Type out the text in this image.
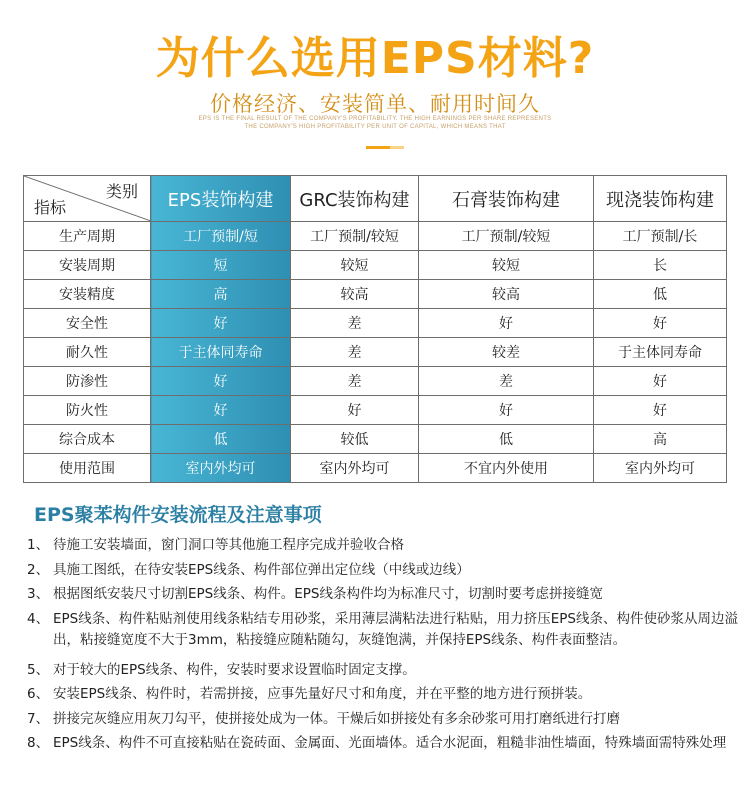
为什么选用EPS材料?
价格经济、安装简单、耐用时间久
EPS IS THE FINAL RESULT OF THE COMPANY'S PROFITABILITY. THE HIGH EARNINGS PER SHARE REPRESENTS
THE COMPANY'S HIGH PROFITABILITY PER UNIT OF CAPITAL, WHICH MEANS THAT
类别
指标	EPS装饰构建	GRC装饰构建	石膏装饰构建	现浇装饰构建
生产周期	工厂预制/短	工厂预制/较短	工厂预制/较短	工厂预制/长
安装周期	短	较短	较短	长
安装精度	高	较高	较高	低
安全性	好	差	好	好
耐久性	于主体同寿命	差	较差	于主体同寿命
防渗性	好	差	差	好
防火性	好	好	好	好
综合成本	低	较低	低	高
使用范围	室内外均可	室内外均可	不宜内外使用	室内外均可
EPS聚苯构件安装流程及注意事项
1、 待施工安装墙面，窗门洞口等其他施工程序完成并验收合格
2、 具施工图纸，在待安装EPS线条、构件部位弹出定位线（中线或边线）
3、 根据图纸安装尺寸切割EPS线条、构件。EPS线条构件均为标准尺寸，切割时要考虑拼接缝宽
4、 EPS线条、构件粘贴剂使用线条粘结专用砂浆，采用薄层满粘法进行粘贴，用力挤压EPS线条、构件使砂浆从周边溢出，粘接缝宽度不大于3mm，粘接缝应随粘随勾，灰缝饱满，并保持EPS线条、构件表面整洁。
5、 对于较大的EPS线条、构件，安装时要求设置临时固定支撑。
6、 安装EPS线条、构件时，若需拼接，应事先量好尺寸和角度，并在平整的地方进行预拼装。
7、 拼接完灰缝应用灰刀勾平，使拼接处成为一体。干燥后如拼接处有多余砂浆可用打磨纸进行打磨
8、 EPS线条、构件不可直接粘贴在瓷砖面、金属面、光面墙体。适合水泥面，粗糙非油性墙面，特殊墙面需特殊处理
